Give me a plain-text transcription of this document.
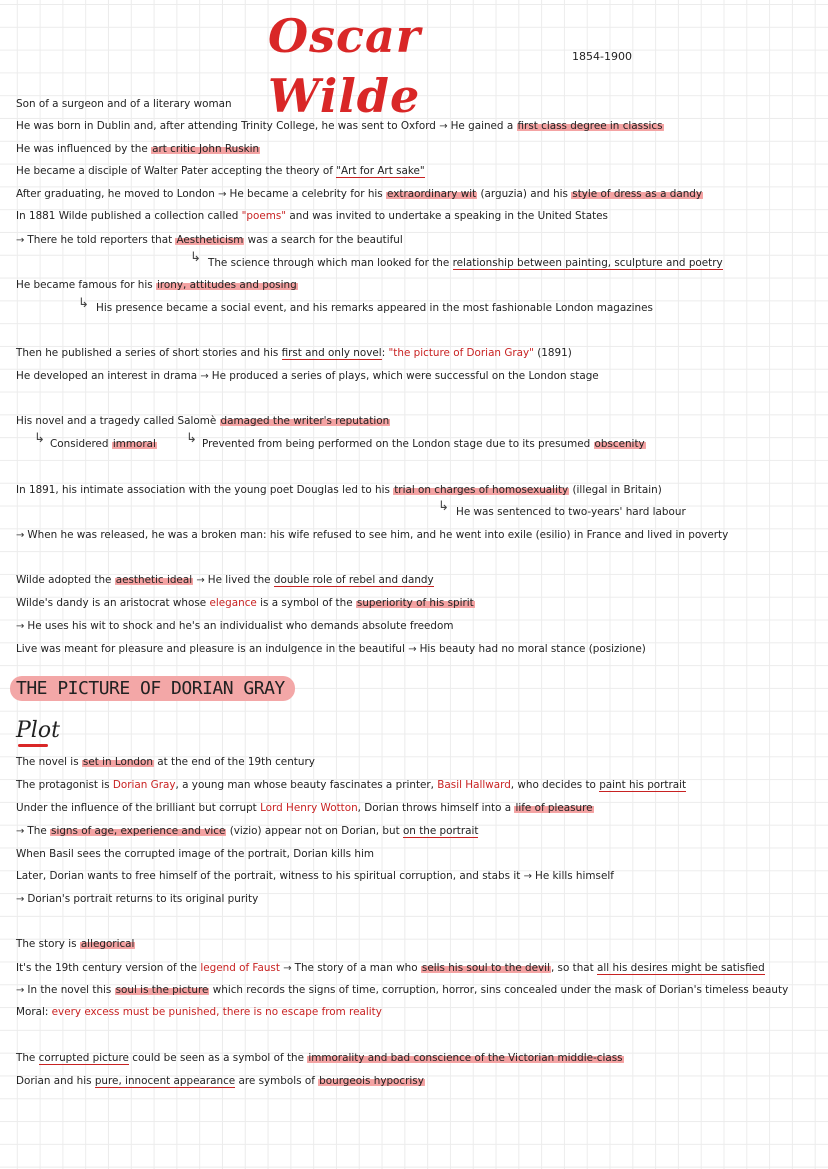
Oscar Wilde
1854-1900
Son of a surgeon and of a literary woman
He was born in Dublin and, after attending Trinity College, he was sent to Oxford → He gained a first class degree in classics
He was influenced by the art critic John Ruskin
He became a disciple of Walter Pater accepting the theory of "Art for Art sake"
After graduating, he moved to London → He became a celebrity for his extraordinary wit (arguzia) and his style of dress as a dandy
In 1881 Wilde published a collection called "poems" and was invited to undertake a speaking in the United States
→ There he told reporters that Aestheticism was a search for the beautiful
↳ The science through which man looked for the relationship between painting, sculpture and poetry
He became famous for his irony, attitudes and posing
↳ His presence became a social event, and his remarks appeared in the most fashionable London magazines
Then he published a series of short stories and his first and only novel: "the picture of Dorian Gray" (1891)
He developed an interest in drama → He produced a series of plays, which were successful on the London stage
His novel and a tragedy called Salomè damaged the writer's reputation
↳ Considered immoral ↳ Prevented from being performed on the London stage due to its presumed obscenity
In 1891, his intimate association with the young poet Douglas led to his trial on charges of homosexuality (illegal in Britain)
↳ He was sentenced to two-years' hard labour
→ When he was released, he was a broken man: his wife refused to see him, and he went into exile (esilio) in France and lived in poverty
Wilde adopted the aesthetic ideal → He lived the double role of rebel and dandy
Wilde's dandy is an aristocrat whose elegance is a symbol of the superiority of his spirit
→ He uses his wit to shock and he's an individualist who demands absolute freedom
Live was meant for pleasure and pleasure is an indulgence in the beautiful → His beauty had no moral stance (posizione)
THE PICTURE OF DORIAN GRAY
Plot
The novel is set in London at the end of the 19th century
The protagonist is Dorian Gray, a young man whose beauty fascinates a printer, Basil Hallward, who decides to paint his portrait
Under the influence of the brilliant but corrupt Lord Henry Wotton, Dorian throws himself into a life of pleasure
→ The signs of age, experience and vice (vizio) appear not on Dorian, but on the portrait
When Basil sees the corrupted image of the portrait, Dorian kills him
Later, Dorian wants to free himself of the portrait, witness to his spiritual corruption, and stabs it → He kills himself
→ Dorian's portrait returns to its original purity
The story is allegorical
It's the 19th century version of the legend of Faust → The story of a man who sells his soul to the devil, so that all his desires might be satisfied
→ In the novel this soul is the picture which records the signs of time, corruption, horror, sins concealed under the mask of Dorian's timeless beauty
Moral: every excess must be punished, there is no escape from reality
The corrupted picture could be seen as a symbol of the immorality and bad conscience of the Victorian middle-class
Dorian and his pure, innocent appearance are symbols of bourgeois hypocrisy
